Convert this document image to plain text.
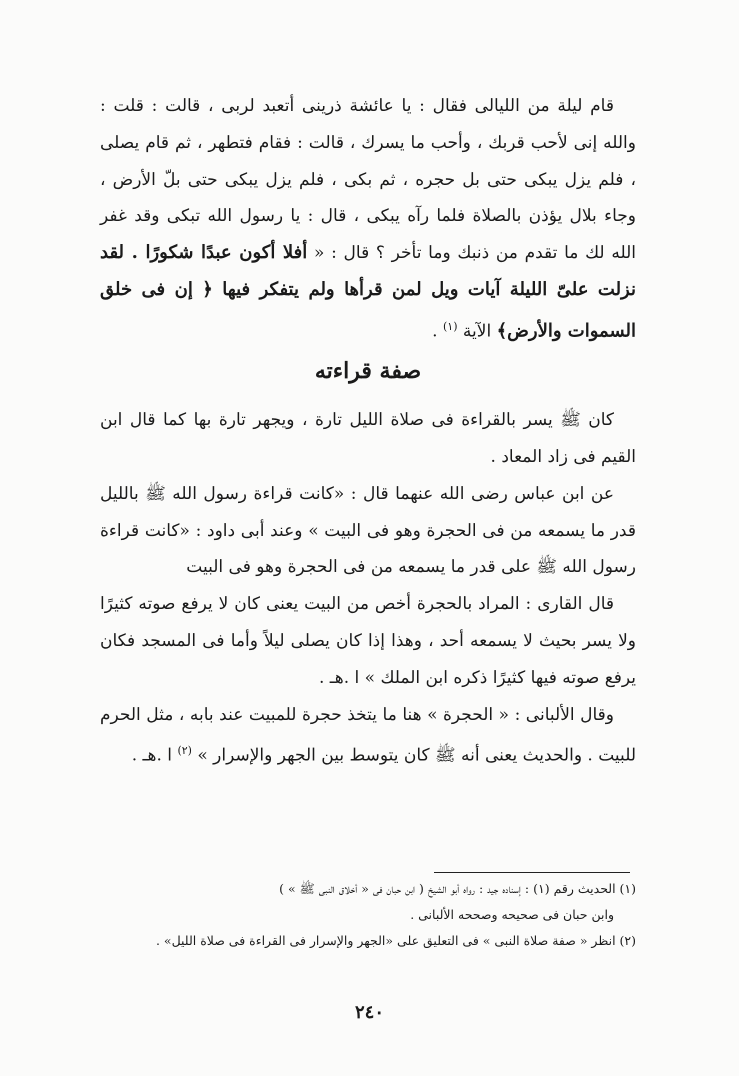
قام ليلة من الليالى فقال : يا عائشة ذرينى أتعبد لربى ، قالت : قلت : والله إنى لأحب قربك ، وأحب ما يسرك ، قالت : فقام فتطهر ، ثم قام يصلى ، فلم يزل يبكى حتى بل حجره ، ثم بكى ، فلم يزل يبكى حتى بلّ الأرض ، وجاء بلال يؤذن بالصلاة فلما رآه يبكى ، قال : يا رسول الله تبكى وقد غفر الله لك ما تقدم من ذنبك وما تأخر ؟ قال : « أفلا أكون عبدًا شكورًا . لقد نزلت علىّ الليلة آيات ويل لمن قرأها ولم يتفكر فيها ﴿ إن فى خلق السموات والأرض﴾ الآية $^{(١)}$ .

صفة قراءته

كان ﷺ يسر بالقراءة فى صلاة الليل تارة ، ويجهر تارة بها كما قال ابن القيم فى زاد المعاد .

عن ابن عباس رضى الله عنهما قال : «كانت قراءة رسول الله ﷺ بالليل قدر ما يسمعه من فى الحجرة وهو فى البيت » وعند أبى داود : «كانت قراءة رسول الله ﷺ على قدر ما يسمعه من فى الحجرة وهو فى البيت

قال القارى : المراد بالحجرة أخص من البيت يعنى كان لا يرفع صوته كثيرًا ولا يسر بحيث لا يسمعه أحد ، وهذا إذا كان يصلى ليلاً وأما فى المسجد فكان يرفع صوته فيها كثيرًا ذكره ابن الملك » ا .هـ .

وقال الألبانى : « الحجرة » هنا ما يتخذ حجرة للمبيت عند بابه ، مثل الحرم للبيت . والحديث يعنى أنه ﷺ كان يتوسط بين الجهر والإسرار » $^{(٢)}$ ا .هـ .

(١) الحديث رقم (١) : إسناده جيد : رواه أبو الشيخ ( ابن حبان فى « أخلاق النبى ﷺ » )

وابن حبان فى صحيحه وصححه الألبانى .

(٢) انظر « صفة صلاة النبى » فى التعليق على «الجهر والإسرار فى القراءة فى صلاة الليل» .

٢٤٠
